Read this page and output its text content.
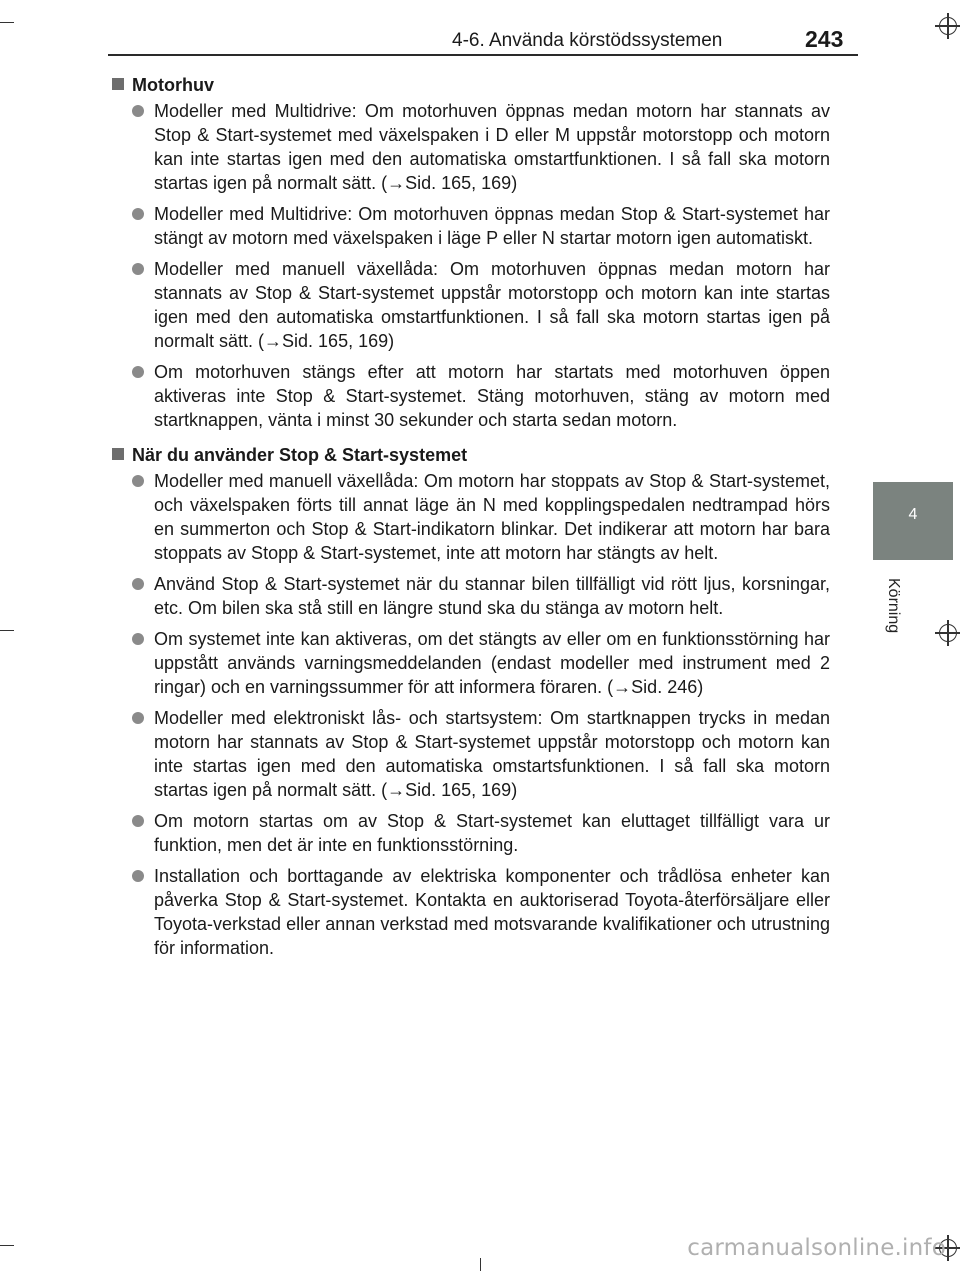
4-6. Använda körstödssystemen	243
4
Körning
Motorhuv

Modeller med Multidrive: Om motorhuven öppnas medan motorn har stannats av Stop & Start-systemet med växelspaken i D eller M uppstår motorstopp och motorn kan inte startas igen med den automatiska omstartfunktionen. I så fall ska motorn startas igen på normalt sätt. (→Sid. 165, 169)

Modeller med Multidrive: Om motorhuven öppnas medan Stop & Start-systemet har stängt av motorn med växelspaken i läge P eller N startar motorn igen automatiskt.

Modeller med manuell växellåda: Om motorhuven öppnas medan motorn har stannats av Stop & Start-systemet uppstår motorstopp och motorn kan inte startas igen med den automatiska omstartfunktionen. I så fall ska motorn startas igen på normalt sätt. (→Sid. 165, 169)

Om motorhuven stängs efter att motorn har startats med motorhuven öppen aktiveras inte Stop & Start-systemet. Stäng motorhuven, stäng av motorn med startknappen, vänta i minst 30 sekunder och starta sedan motorn.

När du använder Stop & Start-systemet

Modeller med manuell växellåda: Om motorn har stoppats av Stop & Start-systemet, och växelspaken förts till annat läge än N med kopplingspedalen nedtrampad hörs en summerton och Stop & Start-indikatorn blinkar. Det indikerar att motorn har bara stoppats av Stopp & Start-systemet, inte att motorn har stängts av helt.

Använd Stop & Start-systemet när du stannar bilen tillfälligt vid rött ljus, korsningar, etc. Om bilen ska stå still en längre stund ska du stänga av motorn helt.

Om systemet inte kan aktiveras, om det stängts av eller om en funktionsstörning har uppstått används varningsmeddelanden (endast modeller med instrument med 2 ringar) och en varningssummer för att informera föraren. (→Sid. 246)

Modeller med elektroniskt lås- och startsystem: Om startknappen trycks in medan motorn har stannats av Stop & Start-systemet uppstår motorstopp och motorn kan inte startas igen med den automatiska omstartsfunktionen. I så fall ska motorn startas igen på normalt sätt. (→Sid. 165, 169)

Om motorn startas om av Stop & Start-systemet kan eluttaget tillfälligt vara ur funktion, men det är inte en funktionsstörning.

Installation och borttagande av elektriska komponenter och trådlösa enheter kan påverka Stop & Start-systemet. Kontakta en auktoriserad Toyota-återförsäljare eller Toyota-verkstad eller annan verkstad med motsvarande kvalifikationer och utrustning för information.

carmanualsonline.info
